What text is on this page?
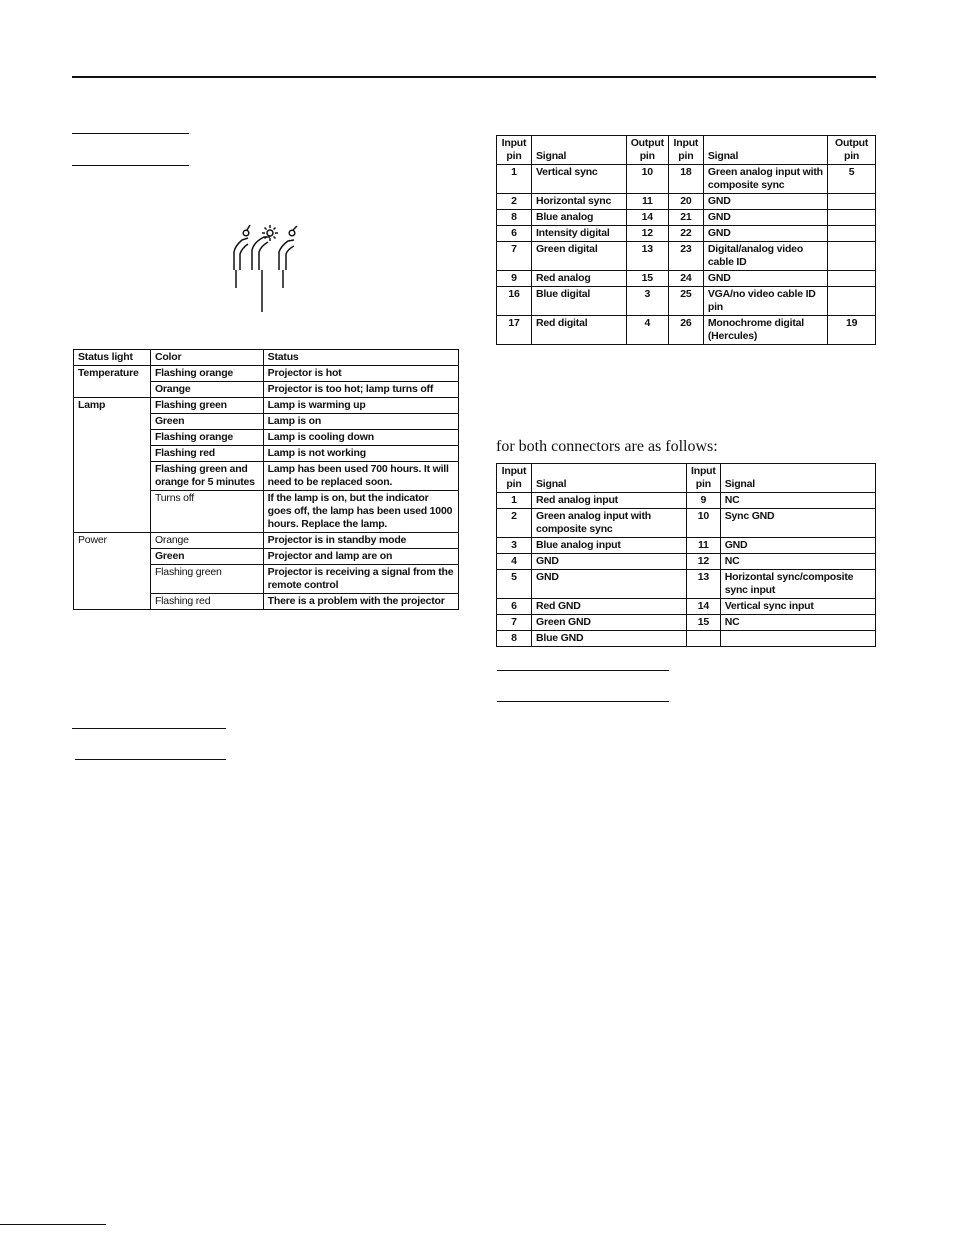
Status light	Color	Status
Temperature	Flashing orange	Projector is hot
	Orange	Projector is too hot; lamp turns off
Lamp	Flashing green	Lamp is warming up
	Green	Lamp is on
	Flashing orange	Lamp is cooling down
	Flashing red	Lamp is not working
	Flashing green and orange for 5 minutes	Lamp has been used 700 hours. It will need to be replaced soon.
	Turns off	If the lamp is on, but the indicator goes off, the lamp has been used 1000 hours. Replace the lamp.
Power	Orange	Projector is in standby mode
	Green	Projector and lamp are on
	Flashing green	Projector is receiving a signal from the remote control
	Flashing red	There is a problem with the projector
Input pin	Signal	Output pin	Input pin	Signal	Output pin
1	Vertical sync	10	18	Green analog input with composite sync	5
2	Horizontal sync	11	20	GND	
8	Blue analog	14	21	GND	
6	Intensity digital	12	22	GND	
7	Green digital	13	23	Digital/analog video cable ID	
9	Red analog	15	24	GND	
16	Blue digital	3	25	VGA/no video cable ID pin	
17	Red digital	4	26	Monochrome digital (Hercules)	19
for both connectors are as follows:
Input pin	Signal	Input pin	Signal
1	Red analog input	9	NC
2	Green analog input with composite sync	10	Sync GND
3	Blue analog input	11	GND
4	GND	12	NC
5	GND	13	Horizontal sync/composite sync input
6	Red GND	14	Vertical sync input
7	Green GND	15	NC
8	Blue GND		
